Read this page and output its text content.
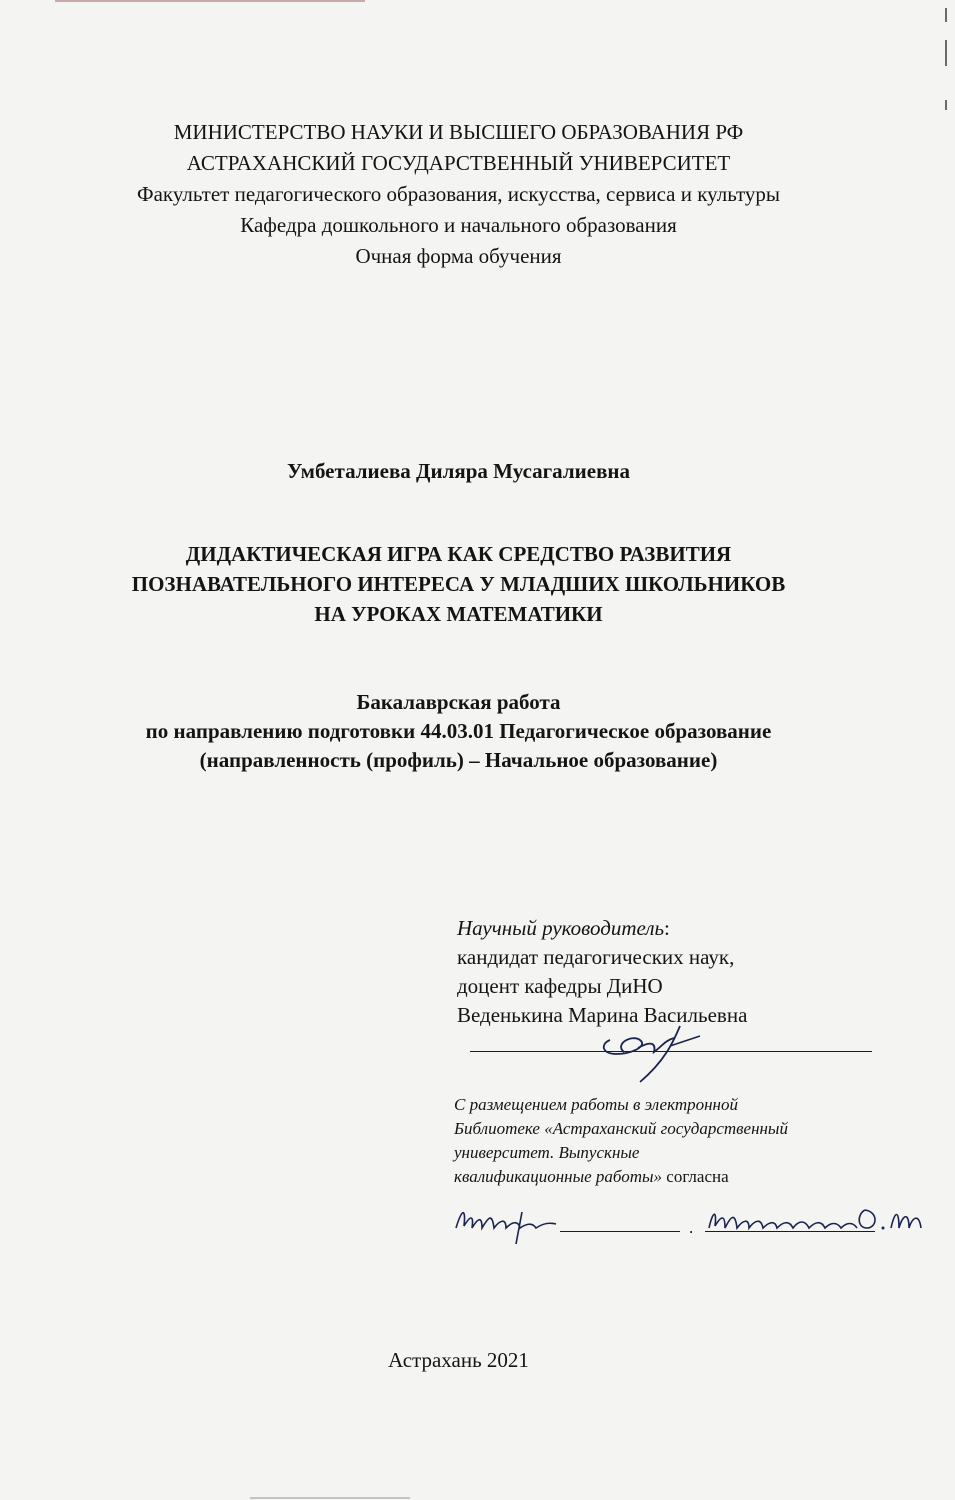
МИНИСТЕРСТВО НАУКИ И ВЫСШЕГО ОБРАЗОВАНИЯ РФ
АСТРАХАНСКИЙ ГОСУДАРСТВЕННЫЙ УНИВЕРСИТЕТ
Факультет педагогического образования, искусства, сервиса и культуры
Кафедра дошкольного и начального образования
Очная форма обучения
Умбеталиева Диляра Мусагалиевна
ДИДАКТИЧЕСКАЯ ИГРА КАК СРЕДСТВО РАЗВИТИЯ
ПОЗНАВАТЕЛЬНОГО ИНТЕРЕСА У МЛАДШИХ ШКОЛЬНИКОВ
НА УРОКАХ МАТЕМАТИКИ
Бакалаврская работа
по направлению подготовки 44.03.01 Педагогическое образование
(направленность (профиль) – Начальное образование)
Научный руководитель:
кандидат педагогических наук,
доцент кафедры ДиНО
Веденькина Марина Васильевна
С размещением работы в электронной
Библиотеке «Астраханский государственный
университет. Выпускные
квалификационные работы» согласна
.
Астрахань 2021
